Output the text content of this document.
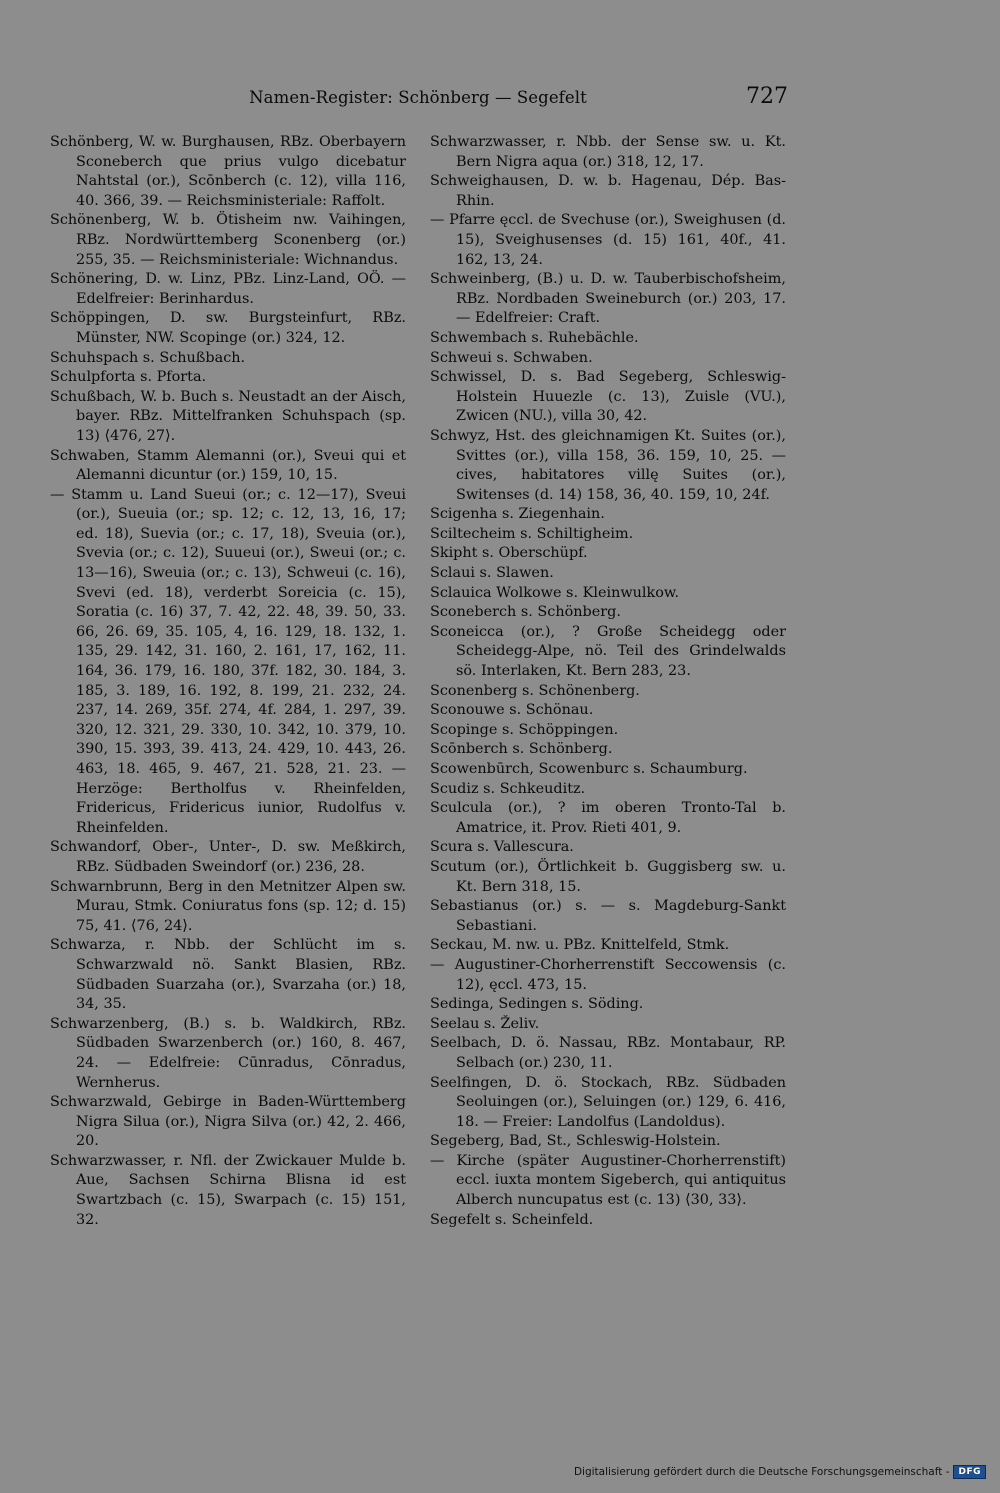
Namen-Register: Schönberg — Segefelt	727
Schönberg, W. w. Burghausen, RBz. Oberbayern Sconeberch que prius vulgo dicebatur Nahtstal (or.), Scōnberch (c. 12), villa 116, 40. 366, 39. — Reichsministeriale: Raffolt.
Schönenberg, W. b. Ötisheim nw. Vaihingen, RBz. Nordwürttemberg Sconenberg (or.) 255, 35. — Reichsministeriale: Wichnandus.
Schönering, D. w. Linz, PBz. Linz-Land, OÖ. — Edelfreier: Berinhardus.
Schöppingen, D. sw. Burgsteinfurt, RBz. Münster, NW. Scopinge (or.) 324, 12.
Schuhspach s. Schußbach.
Schulpforta s. Pforta.
Schußbach, W. b. Buch s. Neustadt an der Aisch, bayer. RBz. Mittelfranken Schuhspach (sp. 13) ⟨476, 27⟩.
Schwaben, Stamm Alemanni (or.), Sveui qui et Alemanni dicuntur (or.) 159, 10, 15.
— Stamm u. Land Sueui (or.; c. 12—17), Sveui (or.), Sueuia (or.; sp. 12; c. 12, 13, 16, 17; ed. 18), Suevia (or.; c. 17, 18), Sveuia (or.), Svevia (or.; c. 12), Suueui (or.), Sweui (or.; c. 13—16), Sweuia (or.; c. 13), Schweui (c. 16), Svevi (ed. 18), verderbt Soreicia (c. 15), Soratia (c. 16) 37, 7. 42, 22. 48, 39. 50, 33. 66, 26. 69, 35. 105, 4, 16. 129, 18. 132, 1. 135, 29. 142, 31. 160, 2. 161, 17, 162, 11. 164, 36. 179, 16. 180, 37f. 182, 30. 184, 3. 185, 3. 189, 16. 192, 8. 199, 21. 232, 24. 237, 14. 269, 35f. 274, 4f. 284, 1. 297, 39. 320, 12. 321, 29. 330, 10. 342, 10. 379, 10. 390, 15. 393, 39. 413, 24. 429, 10. 443, 26. 463, 18. 465, 9. 467, 21. 528, 21. 23. — Herzöge: Bertholfus v. Rheinfelden, Fridericus, Fridericus iunior, Rudolfus v. Rheinfelden.
Schwandorf, Ober-, Unter-, D. sw. Meßkirch, RBz. Südbaden Sweindorf (or.) 236, 28.
Schwarnbrunn, Berg in den Metnitzer Alpen sw. Murau, Stmk. Coniuratus fons (sp. 12; d. 15) 75, 41. ⟨76, 24⟩.
Schwarza, r. Nbb. der Schlücht im s. Schwarzwald nö. Sankt Blasien, RBz. Südbaden Suarzaha (or.), Svarzaha (or.) 18, 34, 35.
Schwarzenberg, (B.) s. b. Waldkirch, RBz. Südbaden Swarzenberch (or.) 160, 8. 467, 24. — Edelfreie: Cūnradus, Cōnradus, Wernherus.
Schwarzwald, Gebirge in Baden-Württemberg Nigra Silua (or.), Nigra Silva (or.) 42, 2. 466, 20.
Schwarzwasser, r. Nfl. der Zwickauer Mulde b. Aue, Sachsen Schirna Blisna id est Swartzbach (c. 15), Swarpach (c. 15) 151, 32.
Schwarzwasser, r. Nbb. der Sense sw. u. Kt. Bern Nigra aqua (or.) 318, 12, 17.
Schweighausen, D. w. b. Hagenau, Dép. Bas-Rhin.
— Pfarre ęccl. de Svechuse (or.), Sweighusen (d. 15), Sveighusenses (d. 15) 161, 40f., 41. 162, 13, 24.
Schweinberg, (B.) u. D. w. Tauberbischofsheim, RBz. Nordbaden Sweineburch (or.) 203, 17. — Edelfreier: Craft.
Schwembach s. Ruhebächle.
Schweui s. Schwaben.
Schwissel, D. s. Bad Segeberg, Schleswig-Holstein Huuezle (c. 13), Zuisle (VU.), Zwicen (NU.), villa 30, 42.
Schwyz, Hst. des gleichnamigen Kt. Suites (or.), Svittes (or.), villa 158, 36. 159, 10, 25. — cives, habitatores villę Suites (or.), Switenses (d. 14) 158, 36, 40. 159, 10, 24f.
Scigenha s. Ziegenhain.
Sciltecheim s. Schiltigheim.
Skipht s. Oberschüpf.
Sclaui s. Slawen.
Sclauica Wolkowe s. Kleinwulkow.
Sconeberch s. Schönberg.
Sconeicca (or.), ? Große Scheidegg oder Scheidegg-Alpe, nö. Teil des Grindelwalds sö. Interlaken, Kt. Bern 283, 23.
Sconenberg s. Schönenberg.
Sconouwe s. Schönau.
Scopinge s. Schöppingen.
Scōnberch s. Schönberg.
Scowenbūrch, Scowenburc s. Schaumburg.
Scudiz s. Schkeuditz.
Sculcula (or.), ? im oberen Tronto-Tal b. Amatrice, it. Prov. Rieti 401, 9.
Scura s. Vallescura.
Scutum (or.), Örtlichkeit b. Guggisberg sw. u. Kt. Bern 318, 15.
Sebastianus (or.) s. — s. Magdeburg-Sankt Sebastiani.
Seckau, M. nw. u. PBz. Knittelfeld, Stmk.
— Augustiner-Chorherrenstift Seccowensis (c. 12), ęccl. 473, 15.
Sedinga, Sedingen s. Söding.
Seelau s. Želiv.
Seelbach, D. ö. Nassau, RBz. Montabaur, RP. Selbach (or.) 230, 11.
Seelfingen, D. ö. Stockach, RBz. Südbaden Seoluingen (or.), Seluingen (or.) 129, 6. 416, 18. — Freier: Landolfus (Landoldus).
Segeberg, Bad, St., Schleswig-Holstein.
— Kirche (später Augustiner-Chorherrenstift) eccl. iuxta montem Sigeberch, qui antiquitus Alberch nuncupatus est (c. 13) ⟨30, 33⟩.
Segefelt s. Scheinfeld.
Digitalisierung gefördert durch die Deutsche Forschungsgemeinschaft -	DFG
